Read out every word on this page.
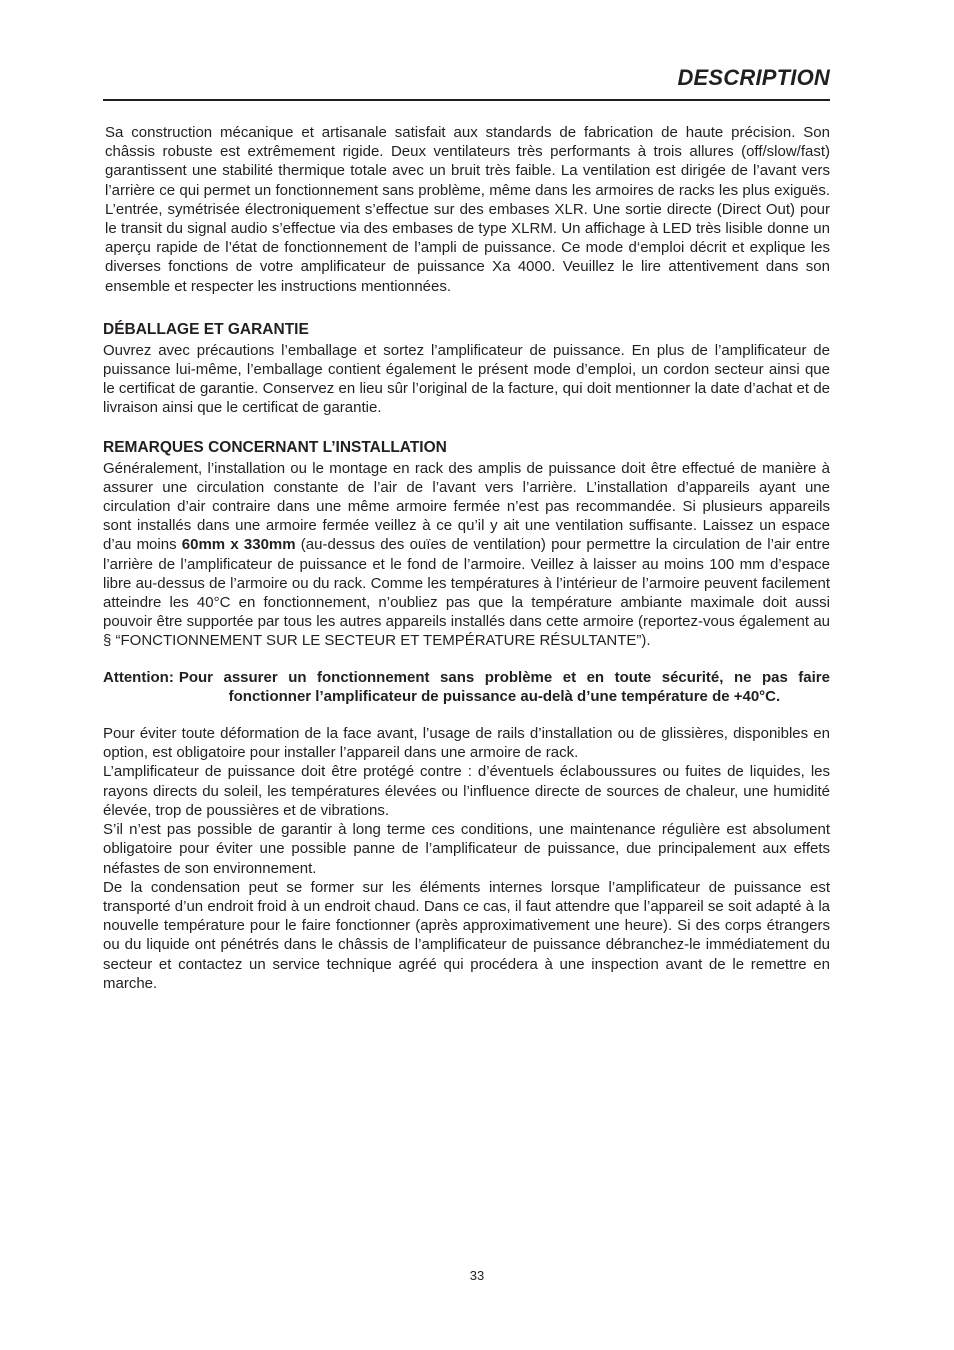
DESCRIPTION

Sa construction mécanique et artisanale satisfait aux standards de fabrication de haute précision. Son châssis robuste est extrêmement rigide. Deux ventilateurs très performants à trois allures (off/slow/fast) garantissent une stabilité thermique totale avec un bruit très faible. La ventilation est dirigée de l’avant vers l’arrière ce qui permet un fonctionnement sans problème, même dans les armoires de racks les plus exiguës. L’entrée, symétrisée électroniquement s’effectue sur des embases XLR. Une sortie directe (Direct Out) pour le transit du signal audio s’effectue via des embases de type XLRM. Un affichage à LED très lisible donne un aperçu rapide de l’état de fonctionnement de l’ampli de puissance. Ce mode d‘emploi décrit et explique les diverses fonctions de votre amplificateur de puissance Xa 4000. Veuillez le lire attentivement dans son ensemble et respecter les instructions mentionnées.

DÉBALLAGE ET GARANTIE

Ouvrez avec précautions l’emballage et sortez l’amplificateur de puissance. En plus de l’amplificateur de puissance lui-même, l’emballage contient également le présent mode d’emploi, un cordon secteur ainsi que le certificat de garantie. Conservez en lieu sûr l’original de la facture, qui doit mentionner la date d’achat et de livraison ainsi que le certificat de garantie.

REMARQUES CONCERNANT L’INSTALLATION

Généralement, l’installation ou le montage en rack des amplis de puissance doit être effectué de manière à assurer une circulation constante de l’air de l’avant vers l’arrière. L’installation d’appareils ayant une circulation d’air contraire dans une même armoire fermée n’est pas recommandée. Si plusieurs appareils sont installés dans une armoire fermée veillez à ce qu’il y ait une ventilation suffisante. Laissez un espace d’au moins 60mm x 330mm (au-dessus des ouïes de ventilation) pour permettre la circulation de l’air entre l’arrière de l’amplificateur de puissance et le fond de l’armoire. Veillez à laisser au moins 100 mm d’espace libre au-dessus de l’armoire ou du rack. Comme les températures à l’intérieur de l’armoire peuvent facilement atteindre les 40°C en fonctionnement, n’oubliez pas que la température ambiante maximale doit aussi pouvoir être supportée par tous les autres appareils installés dans cette armoire (reportez-vous également au § “FONCTIONNEMENT SUR LE SECTEUR ET TEMPÉRATURE RÉSULTANTE”).

Attention: Pour assurer un fonctionnement sans problème et en toute sécurité, ne pas faire fonctionner l’amplificateur de puissance au-delà d’une température de +40°C.

Pour éviter toute déformation de la face avant, l’usage de rails d’installation ou de glissières, disponibles en option, est obligatoire pour installer l’appareil dans une armoire de rack.

L’amplificateur de puissance doit être protégé contre : d’éventuels éclaboussures ou fuites de liquides, les rayons directs du soleil, les températures élevées ou l’influence directe de sources de chaleur, une humidité élevée, trop de poussières et de vibrations.

S’il n’est pas possible de garantir à long terme ces conditions, une maintenance régulière est absolument obligatoire pour éviter une possible panne de l’amplificateur de puissance, due principalement aux effets néfastes de son environnement.

De la condensation peut se former sur les éléments internes lorsque l’amplificateur de puissance est transporté d’un endroit froid à un endroit chaud. Dans ce cas, il faut attendre que l’appareil se soit adapté à la nouvelle température pour le faire fonctionner (après approximativement une heure). Si des corps étrangers ou du liquide ont pénétrés dans le châssis de l’amplificateur de puissance débranchez-le immédiatement du secteur et contactez un service technique agréé qui procédera à une inspection avant de le remettre en marche.

33
